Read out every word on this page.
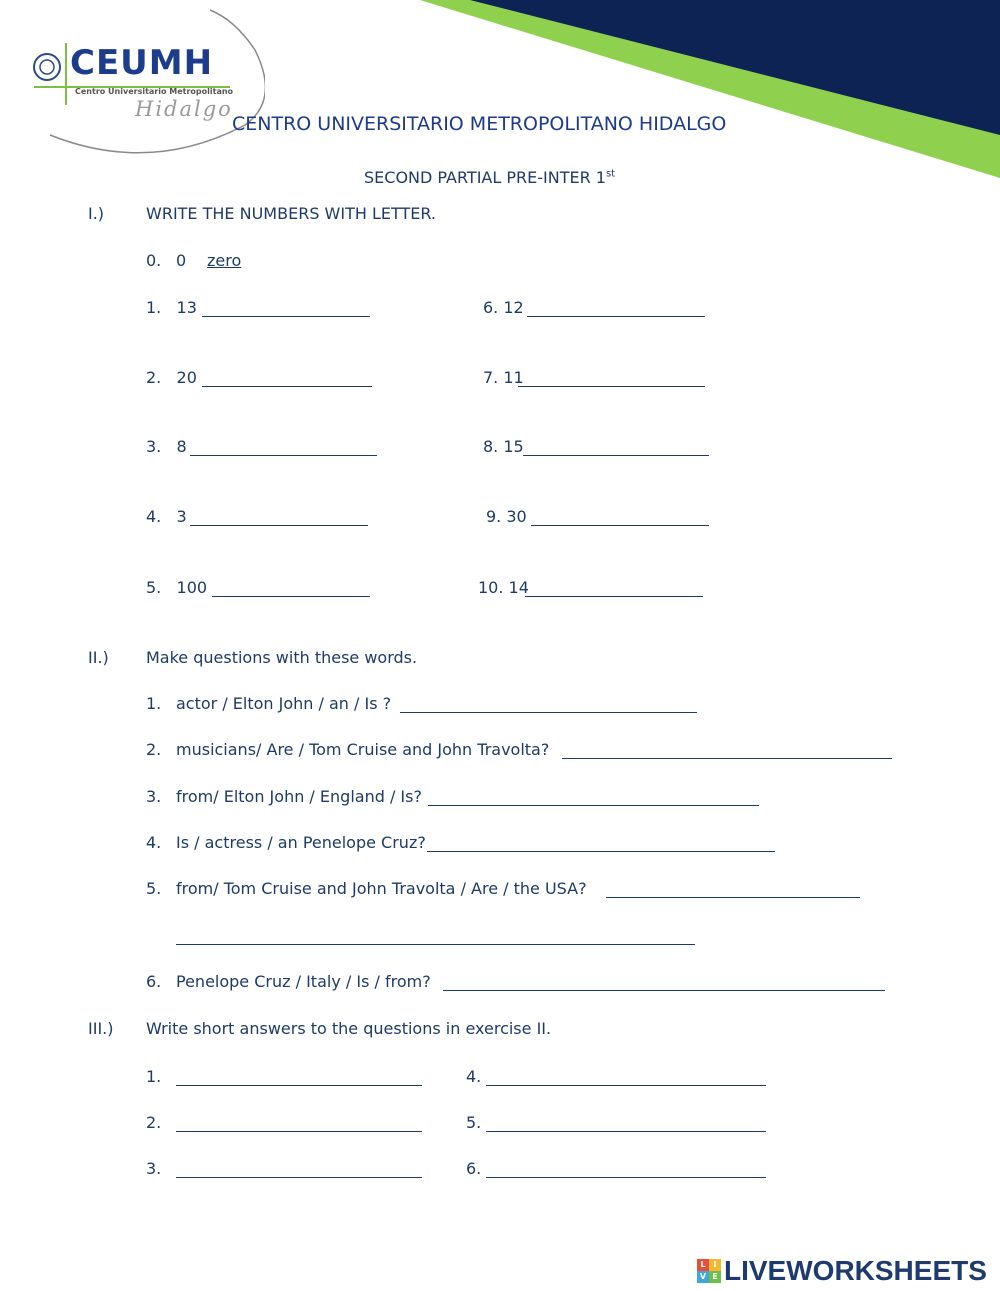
CEUMH
Centro Universitario Metropolitano
Hidalgo
CENTRO UNIVERSITARIO METROPOLITANO HIDALGO
SECOND PARTIAL PRE-INTER 1st
I.)	WRITE THE NUMBERS WITH LETTER.
0. 0 zero
1. 13
2. 20
3. 8
4. 3
5. 100
6. 12
7. 11
8. 15
9. 30
10. 14
II.) Make questions with these words.
1. actor / Elton John / an / Is ?
2. musicians/ Are / Tom Cruise and John Travolta?
3. from/ Elton John / England / Is?
4. Is / actress / an Penelope Cruz?
5. from/ Tom Cruise and John Travolta / Are / the USA?
6. Penelope Cruz / Italy / Is / from?
III.) Write short answers to the questions in exercise II.
1.
2.
3.
4.
5.
6.
L I
V E LIVEWORKSHEETS
